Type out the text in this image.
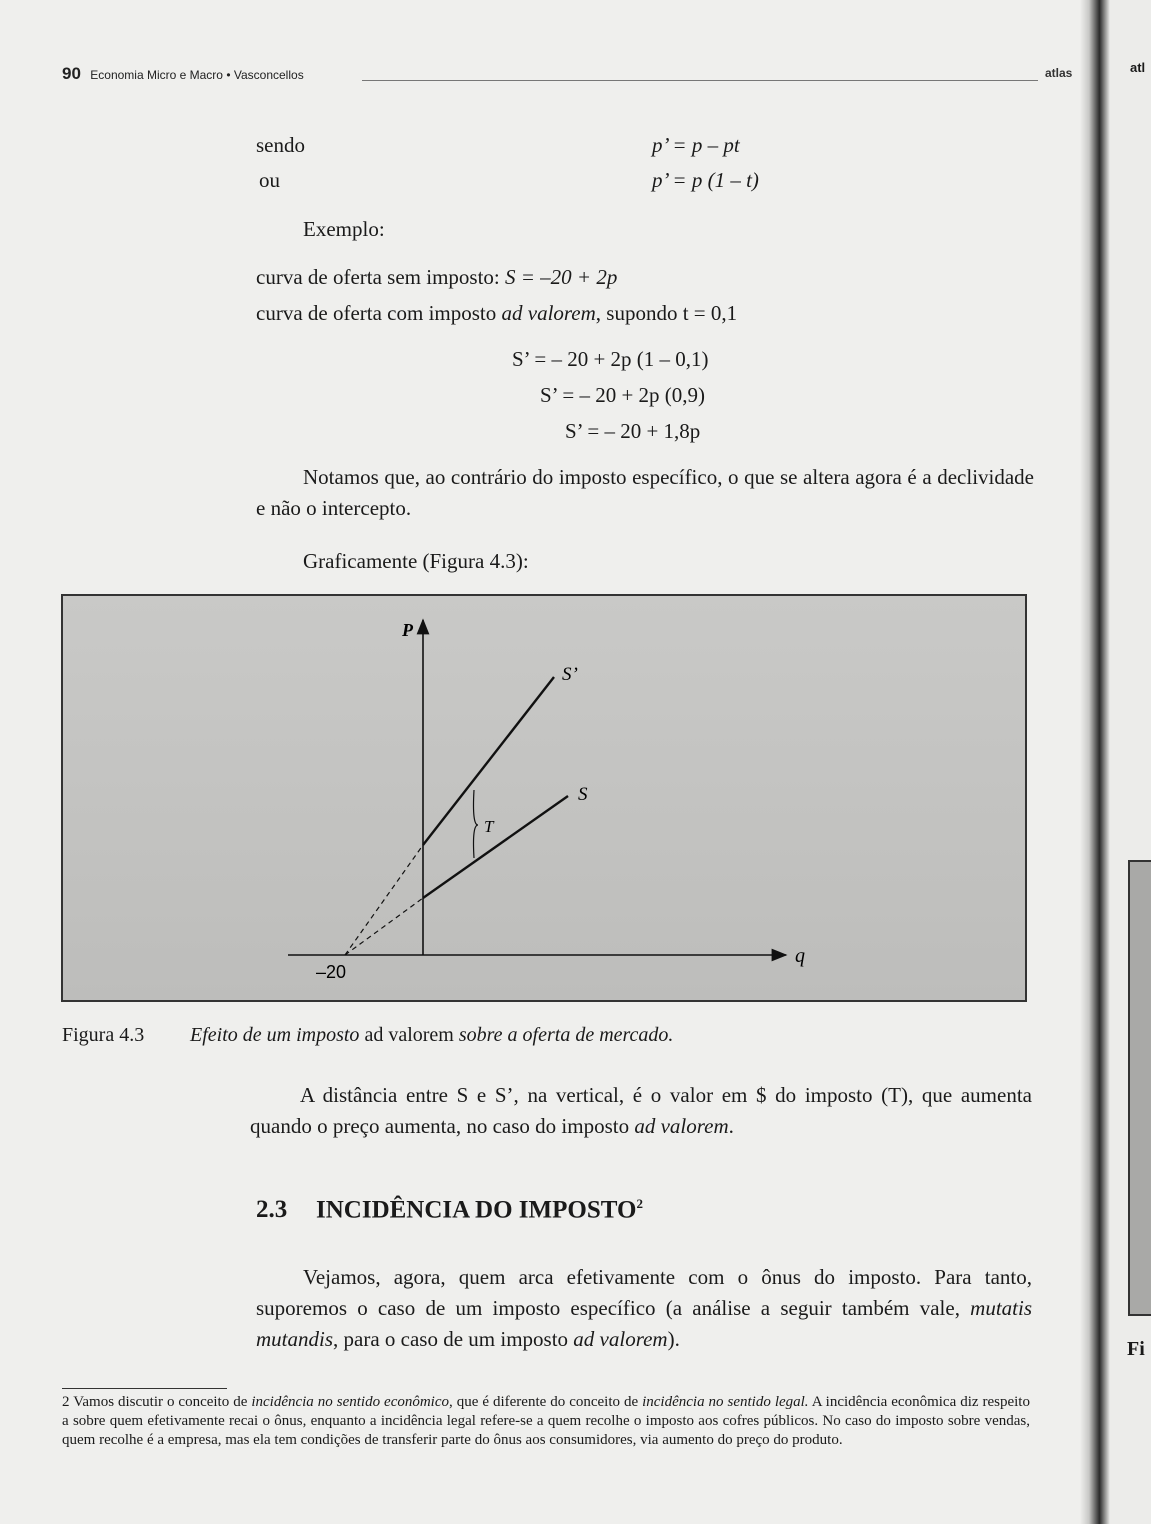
90 Economia Micro e Macro • Vasconcellos	atlas
sendo	p’ = p – pt
ou	p’ = p (1 – t)
Exemplo:
curva de oferta sem imposto: S = –20 + 2p
curva de oferta com imposto ad valorem, supondo t = 0,1
S’ = – 20 + 2p (1 – 0,1)
S’ = – 20 + 2p (0,9)
S’ = – 20 + 1,8p
Notamos que, ao contrário do imposto específico, o que se altera agora é a declividade e não o intercepto.
Graficamente (Figura 4.3):
P
q
–20
S
S’
T
Figura 4.3 Efeito de um imposto ad valorem sobre a oferta de mercado.
A distância entre S e S’, na vertical, é o valor em $ do imposto (T), que aumenta quando o preço aumenta, no caso do imposto ad valorem.
2.3 INCIDÊNCIA DO IMPOSTO$^2$
Vejamos, agora, quem arca efetivamente com o ônus do imposto. Para tanto, suporemos o caso de um imposto específico (a análise a seguir também vale, mutatis mutandis, para o caso de um imposto ad valorem).
2 Vamos discutir o conceito de incidência no sentido econômico, que é diferente do conceito de incidência no sentido legal. A incidência econômica diz respeito a sobre quem efetivamente recai o ônus, enquanto a incidência legal refere-se a quem recolhe o imposto aos cofres públicos. No caso do imposto sobre vendas, quem recolhe é a empresa, mas ela tem condições de transferir parte do ônus aos consumidores, via aumento do preço do produto.
atl
Fi
